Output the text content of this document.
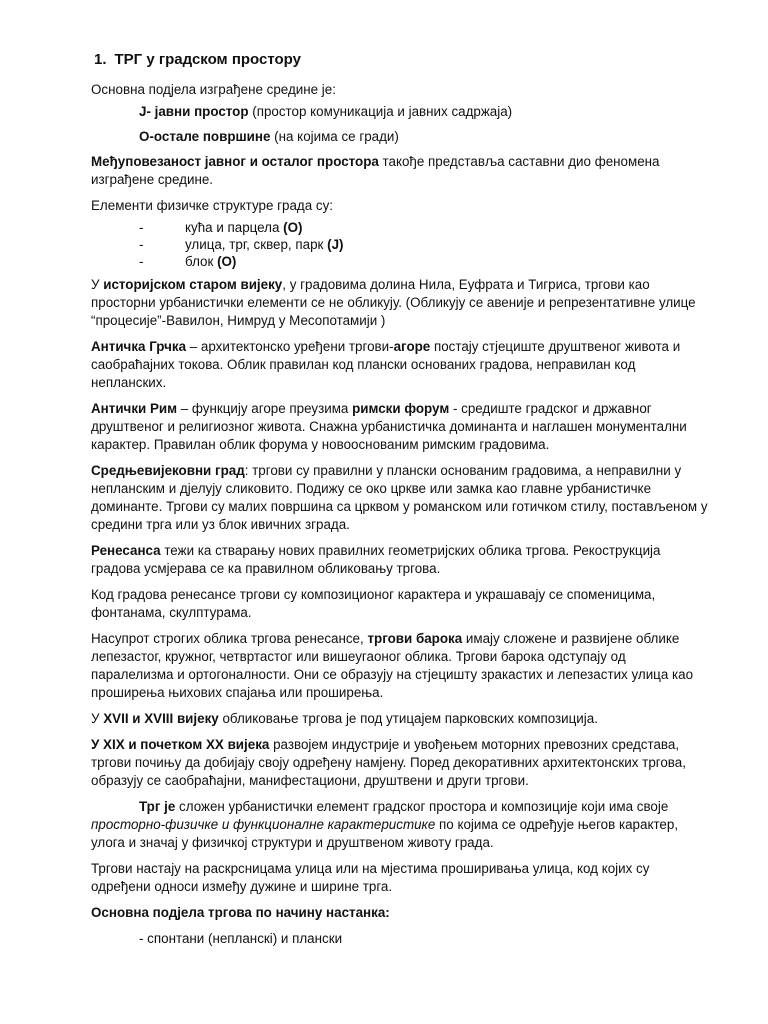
1. ТРГ у градском простору

Основна подјела изграђене средине је:

J- јавни простор (простор комуникација и јавних садржаја)

O-остале површине (на којима се гради)

Међуповезаност јавног и осталог простора такође представља саставни дио феномена изграђене средине.

Елементи физичке структуре града су:

-	кућа и парцела (O)
-	улица, трг, сквер, парк (J)
-	блок (O)

У историјском старом вијеку, у градовима долина Нила, Еуфрата и Тигриса, тргови као просторни урбанистички елементи се не обликују. (Обликују се авеније и репрезентативне улице “процесије”-Вавилон, Нимруд у Месопотамији )

Античка Грчка – архитектонско уређени тргови-агоре постају стјециште друштвеног живота и саобраћајних токова. Облик правилан код плански основаних градова, неправилан код непланских.

Антички Рим – функцију агоре преузима римски форум - средиште градског и државног друштвеног и религиозног живота. Снажна урбанистичка доминанта и наглашен монументални карактер. Правилан облик форума у новооснованим римским градовима.

Средњевијековни град: тргови су правилни у плански основаним градовима, а неправилни у непланским и дјелују сликовито. Подижу се око цркве или замка као главне урбанистичке доминанте. Тргови су малих површина са црквом у романском или готичком стилу, постављеном у средини трга или уз блок ивичних зграда.

Ренесанса тежи ка стварању нових правилних геометријских облика тргова. Рекострукција градова усмјерава се ка правилном обликовању тргова.

Код градова ренесансе тргови су композиционог карактера и украшавају се споменицима, фонтанама, скулптурама.

Насупрот строгих облика тргова ренесансе, тргови барока имају сложене и развијене облике лепезастог, кружног, четвртастог или вишеугаоног облика. Тргови барока одступају од паралелизма и ортогоналности. Они се образују на стјецишту зракастих и лепезастих улица као проширења њихових спајања или проширења.

У XVII и XVIII вијеку обликовање тргова је под утицајем парковских композиција.

У XIX и почетком XX вијека развојем индустрије и увођењем моторних превозних средстава, тргови почињу да добијају своју одређену намјену. Поред декоративних архитектонских тргова, образују се саобраћајни, манифестациони, друштвени и други тргови.

Трг је сложен урбанистички елемент градског простора и композиције који има своје просторно-физичке и функционалне карактеристике по којима се одређује његов карактер, улога и значај у физичкој структури и друштвеном животу града.

Тргови настају на раскрсницама улица или на мјестима проширивања улица, код којих су одређени односи између дужине и ширине трга.

Основна подјела тргова по начину настанка:

- спонтани (непланскі) и плански
